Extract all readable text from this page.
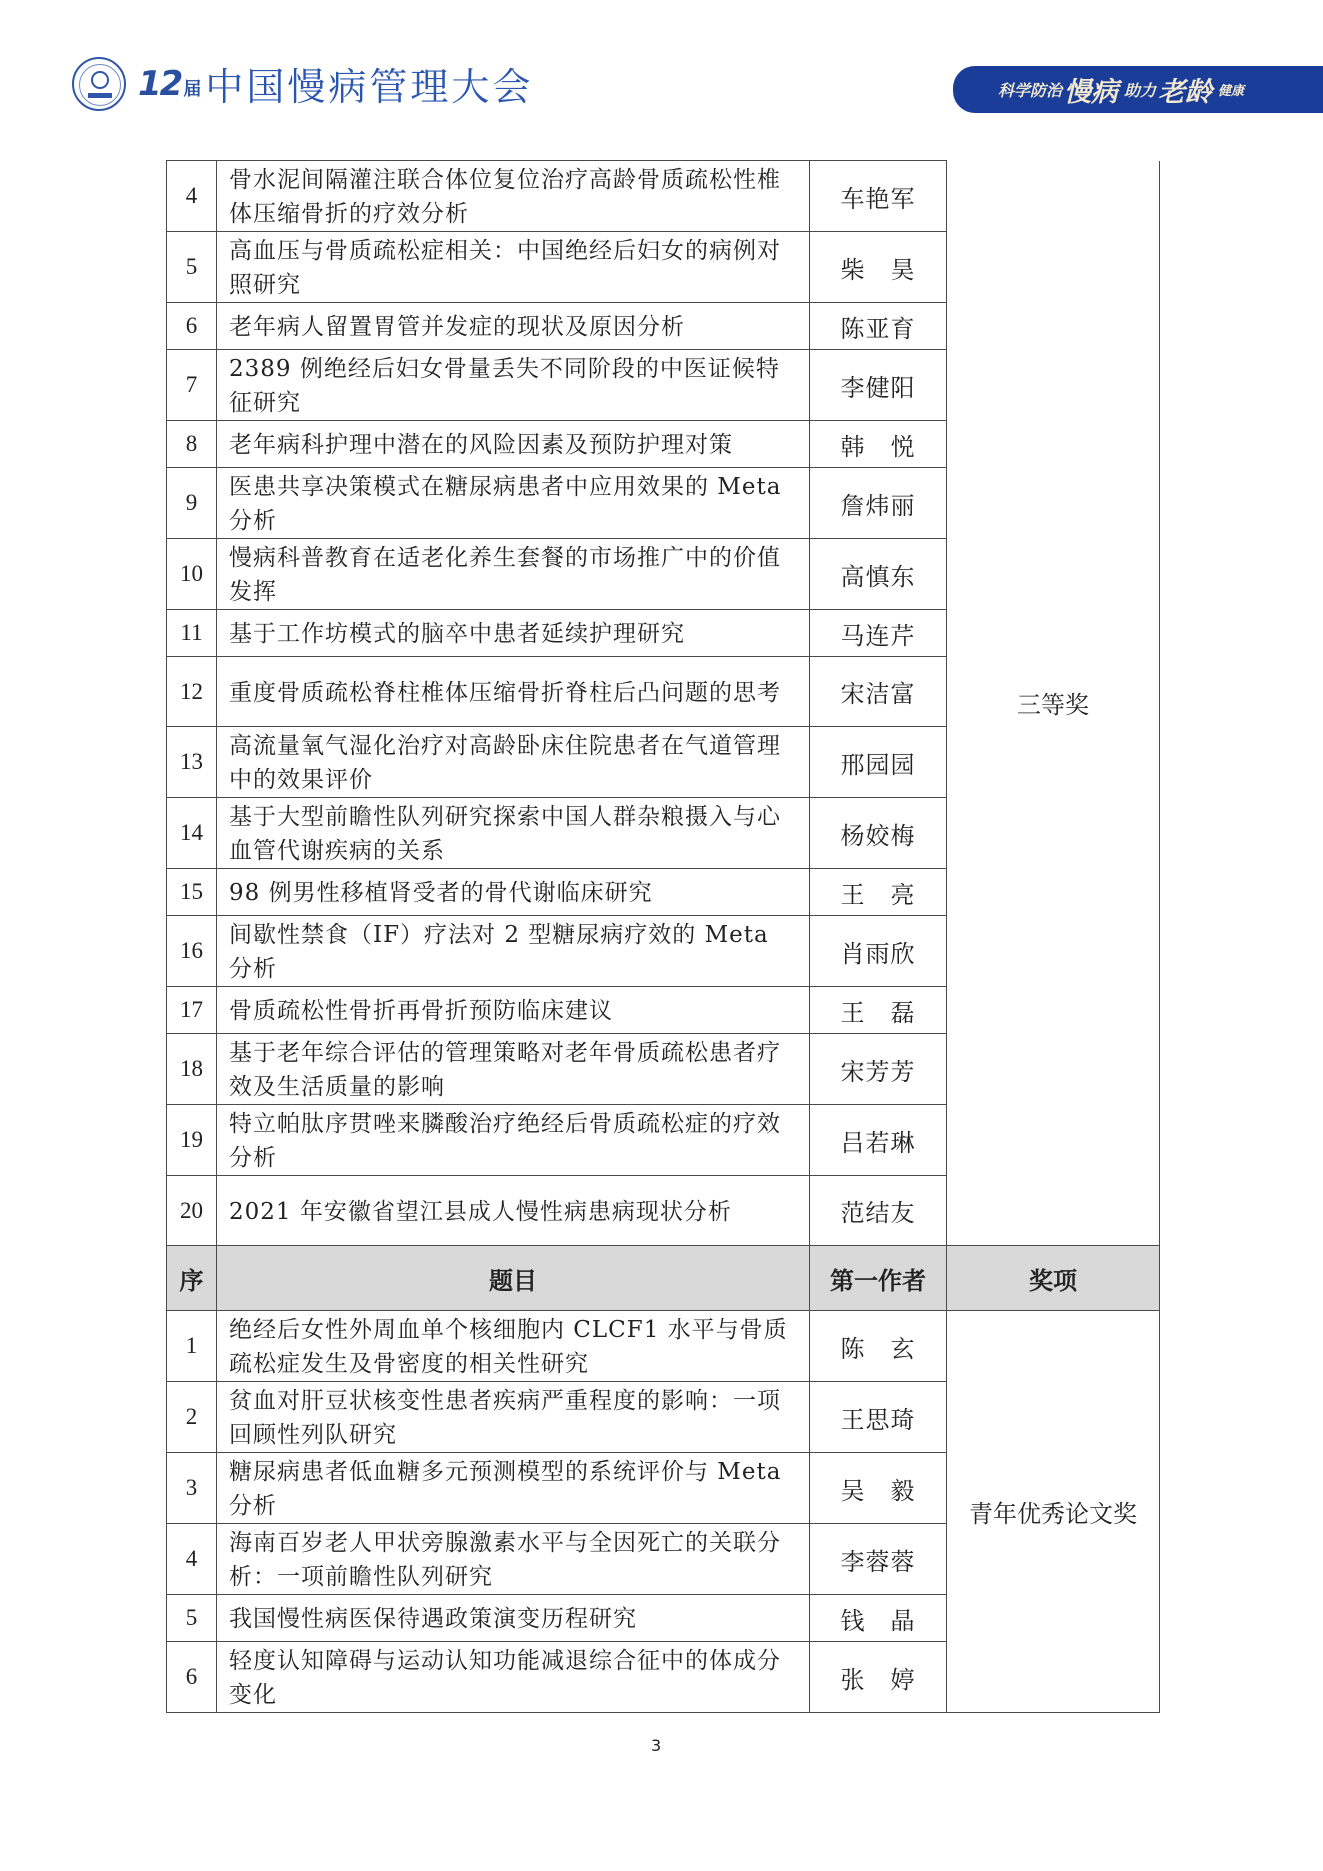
12 届 中国慢病管理大会	科学防治 慢病 助力 老龄 健康
4	骨水泥间隔灌注联合体位复位治疗高龄骨质疏松性椎体压缩骨折的疗效分析	车艳军	三等奖
5	高血压与骨质疏松症相关：中国绝经后妇女的病例对照研究	柴　昊	
6	老年病人留置胃管并发症的现状及原因分析	陈亚育	
7	2389 例绝经后妇女骨量丢失不同阶段的中医证候特征研究	李健阳	
8	老年病科护理中潜在的风险因素及预防护理对策	韩　悦	
9	医患共享决策模式在糖尿病患者中应用效果的 Meta 分析	詹炜丽	
10	慢病科普教育在适老化养生套餐的市场推广中的价值发挥	高慎东	
11	基于工作坊模式的脑卒中患者延续护理研究	马连芹	
12	重度骨质疏松脊柱椎体压缩骨折脊柱后凸问题的思考	宋洁富	
13	高流量氧气湿化治疗对高龄卧床住院患者在气道管理中的效果评价	邢园园	
14	基于大型前瞻性队列研究探索中国人群杂粮摄入与心血管代谢疾病的关系	杨姣梅	
15	98 例男性移植肾受者的骨代谢临床研究	王　亮	
16	间歇性禁食（IF）疗法对 2 型糖尿病疗效的 Meta 分析	肖雨欣	
17	骨质疏松性骨折再骨折预防临床建议	王　磊	
18	基于老年综合评估的管理策略对老年骨质疏松患者疗效及生活质量的影响	宋芳芳	
19	特立帕肽序贯唑来膦酸治疗绝经后骨质疏松症的疗效分析	吕若琳	
20	2021 年安徽省望江县成人慢性病患病现状分析	范结友	
序	题目	第一作者	奖项
1	绝经后女性外周血单个核细胞内 CLCF1 水平与骨质疏松症发生及骨密度的相关性研究	陈　玄	青年优秀论文奖
2	贫血对肝豆状核变性患者疾病严重程度的影响：一项回顾性列队研究	王思琦	
3	糖尿病患者低血糖多元预测模型的系统评价与 Meta 分析	吴　毅	
4	海南百岁老人甲状旁腺激素水平与全因死亡的关联分析：一项前瞻性队列研究	李蓉蓉	
5	我国慢性病医保待遇政策演变历程研究	钱　晶	
6	轻度认知障碍与运动认知功能减退综合征中的体成分变化	张　婷	
3
